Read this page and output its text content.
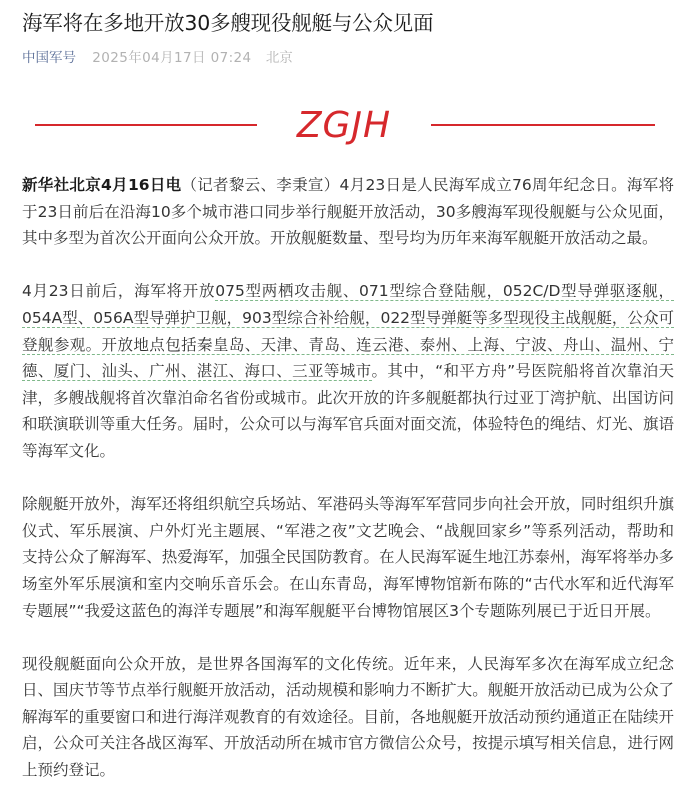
海军将在多地开放30多艘现役舰艇与公众见面
中国军号 2025年04月17日 07:24 北京
ZGJH

新华社北京4月16日电（记者黎云、李秉宣）4月23日是人民海军成立76周年纪念日。海军将于23日前后在沿海10多个城市港口同步举行舰艇开放活动，30多艘海军现役舰艇与公众见面，其中多型为首次公开面向公众开放。开放舰艇数量、型号均为历年来海军舰艇开放活动之最。

4月23日前后，海军将开放075型两栖攻击舰、071型综合登陆舰，052C/D型导弹驱逐舰，054A型、056A型导弹护卫舰，903型综合补给舰，022型导弹艇等多型现役主战舰艇，公众可登舰参观。开放地点包括秦皇岛、天津、青岛、连云港、泰州、上海、宁波、舟山、温州、宁德、厦门、汕头、广州、湛江、海口、三亚等城市。其中，“和平方舟”号医院船将首次靠泊天津，多艘战舰将首次靠泊命名省份或城市。此次开放的许多舰艇都执行过亚丁湾护航、出国访问和联演联训等重大任务。届时，公众可以与海军官兵面对面交流，体验特色的绳结、灯光、旗语等海军文化。

除舰艇开放外，海军还将组织航空兵场站、军港码头等海军军营同步向社会开放，同时组织升旗仪式、军乐展演、户外灯光主题展、“军港之夜”文艺晚会、“战舰回家乡”等系列活动，帮助和支持公众了解海军、热爱海军，加强全民国防教育。在人民海军诞生地江苏泰州，海军将举办多场室外军乐展演和室内交响乐音乐会。在山东青岛，海军博物馆新布陈的“古代水军和近代海军专题展”“我爱这蓝色的海洋专题展”和海军舰艇平台博物馆展区3个专题陈列展已于近日开展。

现役舰艇面向公众开放，是世界各国海军的文化传统。近年来，人民海军多次在海军成立纪念日、国庆节等节点举行舰艇开放活动，活动规模和影响力不断扩大。舰艇开放活动已成为公众了解海军的重要窗口和进行海洋观教育的有效途径。目前，各地舰艇开放活动预约通道正在陆续开启，公众可关注各战区海军、开放活动所在城市官方微信公众号，按提示填写相关信息，进行网上预约登记。
